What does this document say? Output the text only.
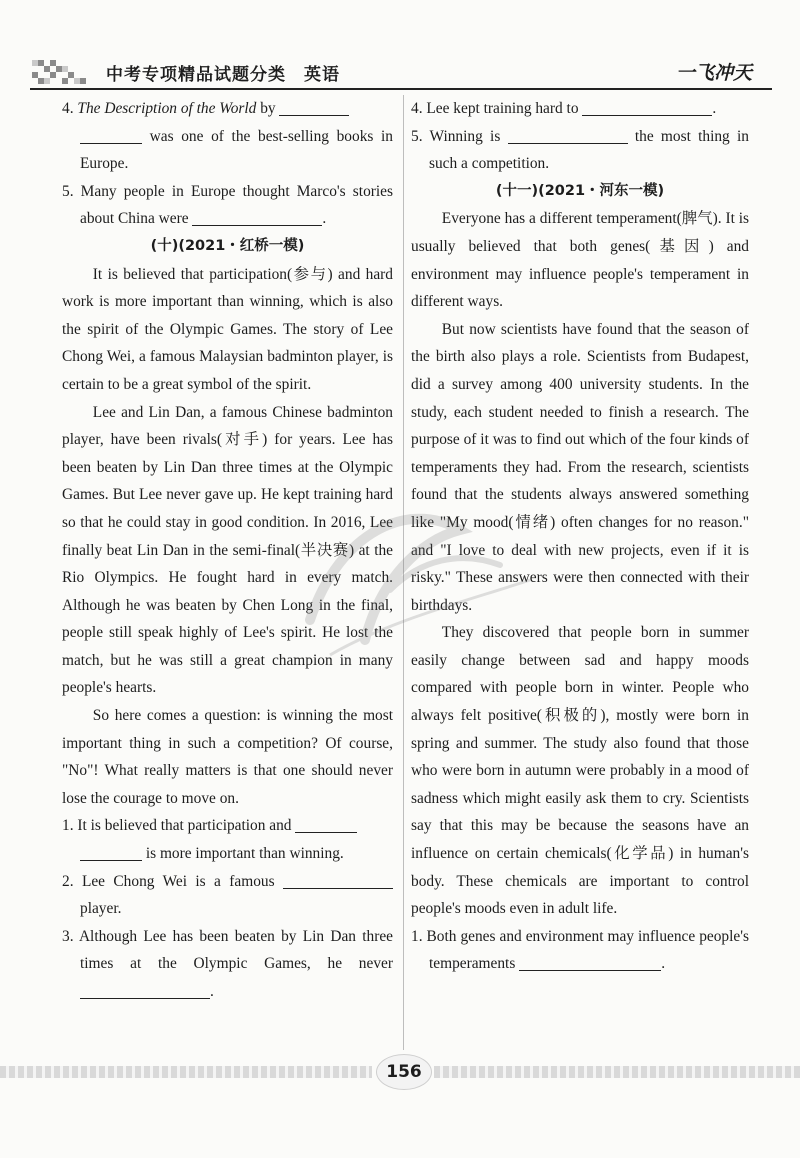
中考专项精品试题分类　英语	一飞冲天

4. The Description of the World by
was one of the best-selling books in Europe.

5. Many people in Europe thought Marco's stories about China were	.

(十)(2021・红桥一模)

It is believed that participation(参与) and hard work is more important than winning, which is also the spirit of the Olympic Games. The story of Lee Chong Wei, a famous Malaysian badminton player, is certain to be a great symbol of the spirit.

Lee and Lin Dan, a famous Chinese badminton player, have been rivals(对手) for years. Lee has been beaten by Lin Dan three times at the Olympic Games. But Lee never gave up. He kept training hard so that he could stay in good condition. In 2016, Lee finally beat Lin Dan in the semi-final(半决赛) at the Rio Olympics. He fought hard in every match. Although he was beaten by Chen Long in the final, people still speak highly of Lee's spirit. He lost the match, but he was still a great champion in many people's hearts.

So here comes a question: is winning the most important thing in such a competition? Of course, "No"! What really matters is that one should never lose the courage to move on.

1. It is believed that participation and
is more important than winning.

2. Lee Chong Wei is a famous  player.

3. Although Lee has been beaten by Lin Dan three times at the Olympic Games, he never .

4. Lee kept training hard to	.

5. Winning is	the most thing in such a competition.

(十一)(2021・河东一模)

Everyone has a different temperament(脾气). It is usually believed that both genes(基因) and environment may influence people's temperament in different ways.

But now scientists have found that the season of the birth also plays a role. Scientists from Budapest, did a survey among 400 university students. In the study, each student needed to finish a research. The purpose of it was to find out which of the four kinds of temperaments they had. From the research, scientists found that the students always answered something like "My mood(情绪) often changes for no reason." and "I love to deal with new projects, even if it is risky." These answers were then connected with their birthdays.

They discovered that people born in summer easily change between sad and happy moods compared with people born in winter. People who always felt positive(积极的), mostly were born in spring and summer. The study also found that those who were born in autumn were probably in a mood of sadness which might easily ask them to cry. Scientists say that this may be because the seasons have an influence on certain chemicals(化学品) in human's body. These chemicals are important to control people's moods even in adult life.

1. Both genes and environment may influence people's temperaments	.

156
